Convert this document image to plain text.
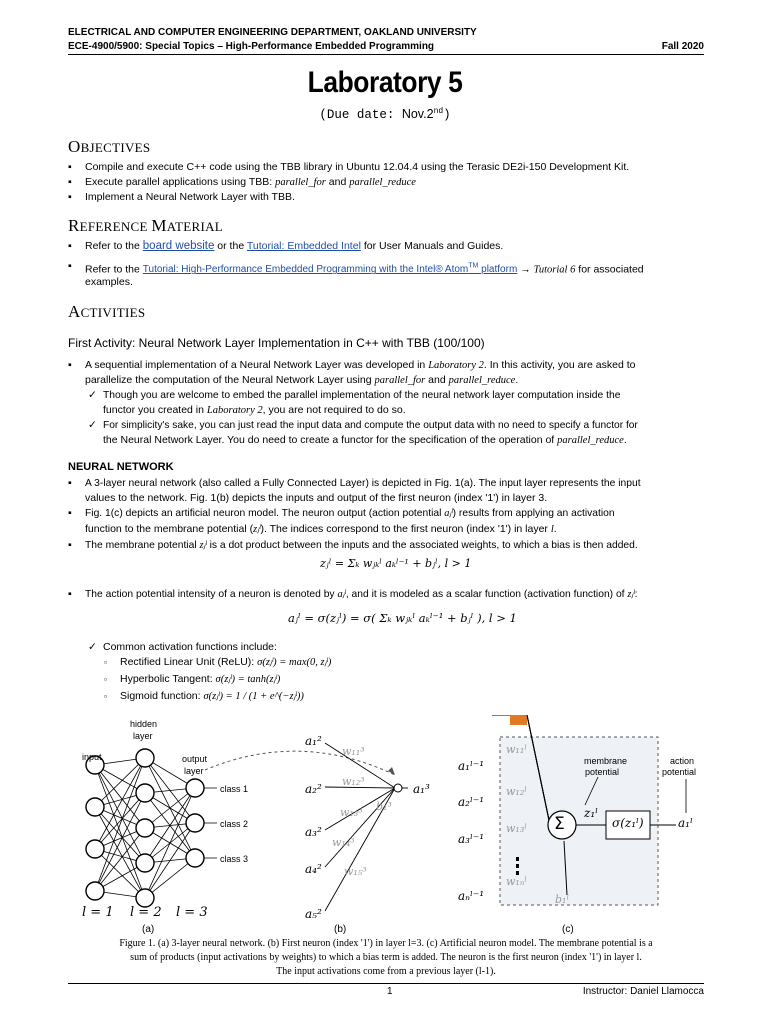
ELECTRICAL AND COMPUTER ENGINEERING DEPARTMENT, OAKLAND UNIVERSITY
ECE-4900/5900: Special Topics – High-Performance Embedded Programming	Fall 2020
Laboratory 5
(Due date: Nov.2nd)
OBJECTIVES
▪ Compile and execute C++ code using the TBB library in Ubuntu 12.04.4 using the Terasic DE2i-150 Development Kit.
▪ Execute parallel applications using TBB: parallel_for and parallel_reduce
▪ Implement a Neural Network Layer with TBB.
REFERENCE MATERIAL
▪ Refer to the board website or the Tutorial: Embedded Intel for User Manuals and Guides.
▪ Refer to the Tutorial: High-Performance Embedded Programming with the Intel® Atom™ platform → Tutorial 6 for associated
examples.
ACTIVITIES
First Activity: Neural Network Layer Implementation in C++ with TBB (100/100)
▪ A sequential implementation of a Neural Network Layer was developed in Laboratory 2. In this activity, you are asked to
parallelize the computation of the Neural Network Layer using parallel_for and parallel_reduce.
✓ Though you are welcome to embed the parallel implementation of the neural network layer computation inside the
functor you created in Laboratory 2, you are not required to do so.
✓ For simplicity's sake, you can just read the input data and compute the output data with no need to specify a functor for
the Neural Network Layer. You do need to create a functor for the specification of the operation of parallel_reduce.
NEURAL NETWORK
▪ A 3-layer neural network (also called a Fully Connected Layer) is depicted in Fig. 1(a). The input layer represents the input
values to the network. Fig. 1(b) depicts the inputs and output of the first neuron (index '1') in layer 3.
▪ Fig. 1(c) depicts an artificial neuron model. The neuron output (action potential aⱼˡ) results from applying an activation
function to the membrane potential (zⱼˡ). The indices correspond to the first neuron (index '1') in layer l.
▪ The membrane potential zⱼˡ is a dot product between the inputs and the associated weights, to which a bias is then added.
zⱼˡ = Σₖ wⱼₖˡ aₖˡ⁻¹ + bⱼˡ, l > 1
▪ The action potential intensity of a neuron is denoted by aⱼˡ, and it is modeled as a scalar function (activation function) of zⱼˡ:
aⱼˡ = σ(zⱼˡ) = σ( Σₖ wⱼₖˡ aₖˡ⁻¹ + bⱼˡ ), l > 1
✓ Common activation functions include:
▫ Rectified Linear Unit (ReLU): σ(zⱼˡ) = max(0, zⱼˡ)
▫ Hyperbolic Tangent: σ(zⱼˡ) = tanh(zⱼˡ)
▫ Sigmoid function: σ(zⱼˡ) = 1 / (1 + e^(−zⱼˡ))
hidden
layer
input	output
layer
class 1
class 2
class 3
l = 1 l = 2 l = 3
(a)
a₁²
a₂²
a₃²
a₄²
a₅²
a₁³
w₁₁³
w₁₂³
w₁₃³
w₁₄³
w₁₅³
b₁³
(b)
a₁ˡ⁻¹
a₂ˡ⁻¹
a₃ˡ⁻¹
aₙˡ⁻¹
z₁ˡ
σ(z₁ˡ)	a₁ˡ
w₁₁ˡ
w₁₂ˡ
w₁₃ˡ
w₁ₙˡ
b₁ˡ
Σ
membrane
potential
action
potential
(c)
Figure 1. (a) 3-layer neural network. (b) First neuron (index '1') in layer l=3. (c) Artificial neuron model. The membrane potential is a
sum of products (input activations by weights) to which a bias term is added. The neuron is the first neuron (index '1') in layer l.
The input activations come from a previous layer (l-1).
1	Instructor: Daniel Llamocca
